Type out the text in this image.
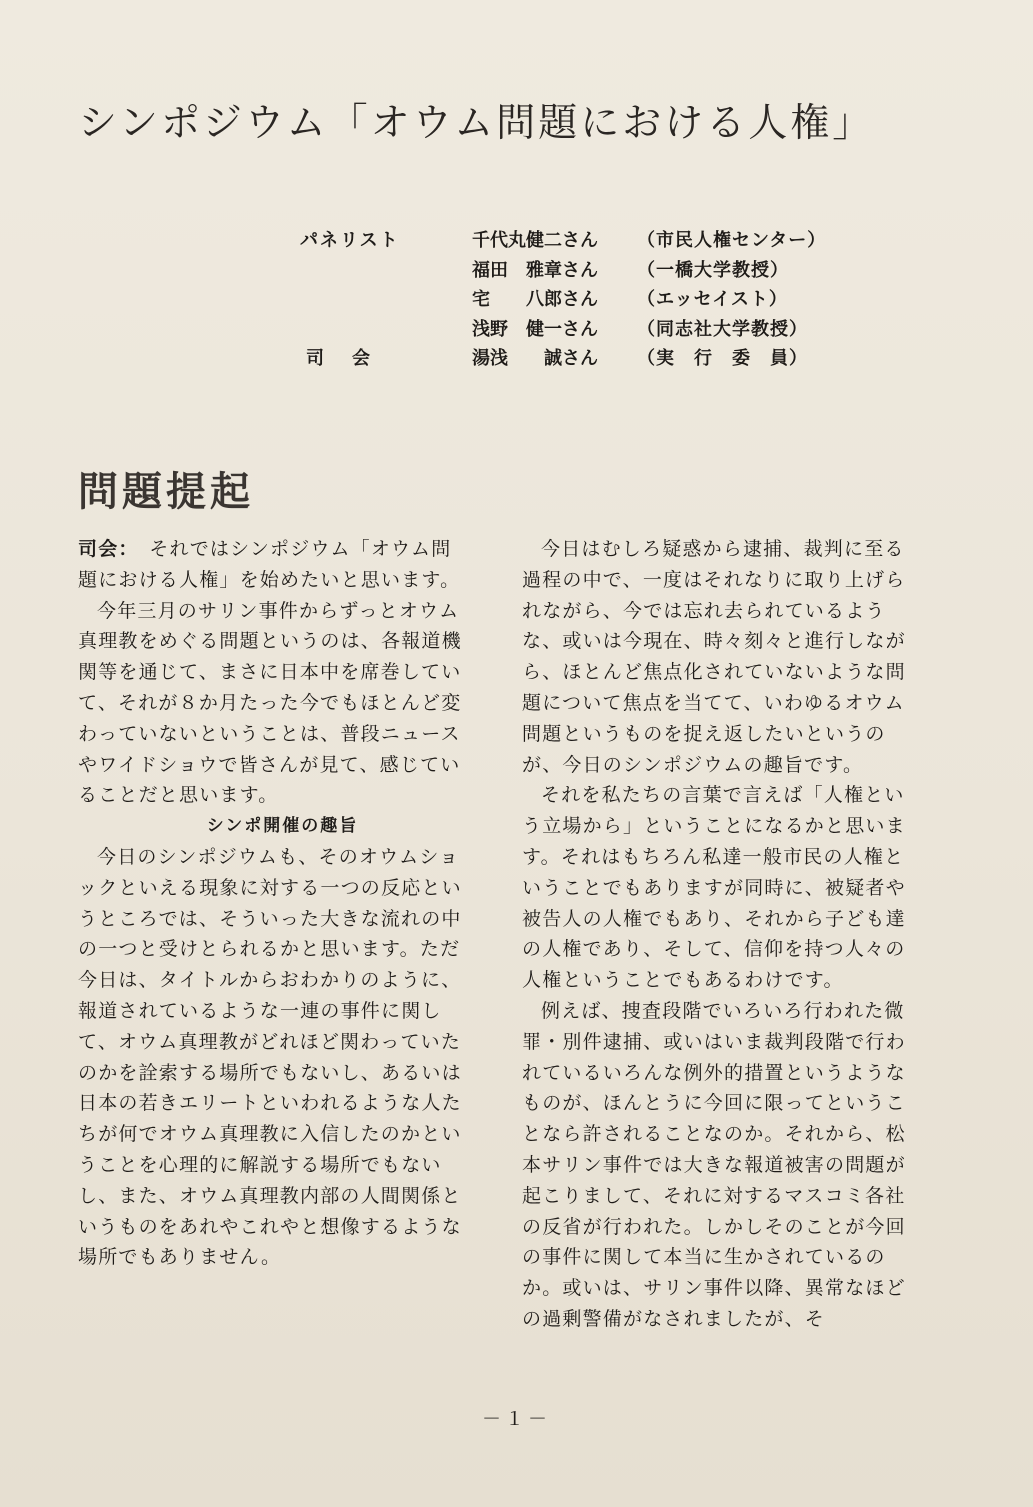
シンポジウム「オウム問題における人権」
パネリスト	千代丸健二さん	（市民人権センター）
福田　雅章さん	（一橋大学教授）
宅　　八郎さん	（エッセイスト）
浅野　健一さん	（同志社大学教授）
司会	湯浅　　誠さん	（実　行　委　員）
問題提起

司会：　 それではシンポジウム「オウム問題における人権」を始めたいと思います。

今年三月のサリン事件からずっとオウム真理教をめぐる問題というのは、各報道機関等を通じて、まさに日本中を席巻していて、それが８か月たった今でもほとんど変わっていないということは、普段ニュースやワイドショウで皆さんが見て、感じていることだと思います。

シンポ開催の趣旨

今日のシンポジウムも、そのオウムショックといえる現象に対する一つの反応というところでは、そういった大きな流れの中の一つと受けとられるかと思います。ただ今日は、タイトルからおわかりのように、報道されているような一連の事件に関して、オウム真理教がどれほど関わっていたのかを詮索する場所でもないし、あるいは日本の若きエリートといわれるような人たちが何でオウム真理教に入信したのかということを心理的に解説する場所でもないし、また、オウム真理教内部の人間関係というものをあれやこれやと想像するような場所でもありません。

今日はむしろ疑惑から逮捕、裁判に至る過程の中で、一度はそれなりに取り上げられながら、今では忘れ去られているような、或いは今現在、時々刻々と進行しながら、ほとんど焦点化されていないような問題について焦点を当てて、いわゆるオウム問題というものを捉え返したいというのが、今日のシンポジウムの趣旨です。

それを私たちの言葉で言えば「人権という立場から」ということになるかと思います。それはもちろん私達一般市民の人権ということでもありますが同時に、被疑者や被告人の人権でもあり、それから子ども達の人権であり、そして、信仰を持つ人々の人権ということでもあるわけです。

例えば、捜査段階でいろいろ行われた微罪・別件逮捕、或いはいま裁判段階で行われているいろんな例外的措置というようなものが、ほんとうに今回に限ってということなら許されることなのか。それから、松本サリン事件では大きな報道被害の問題が起こりまして、それに対するマスコミ各社の反省が行われた。しかしそのことが今回の事件に関して本当に生かされているのか。或いは、サリン事件以降、異常なほどの過剰警備がなされましたが、そ

－１－
